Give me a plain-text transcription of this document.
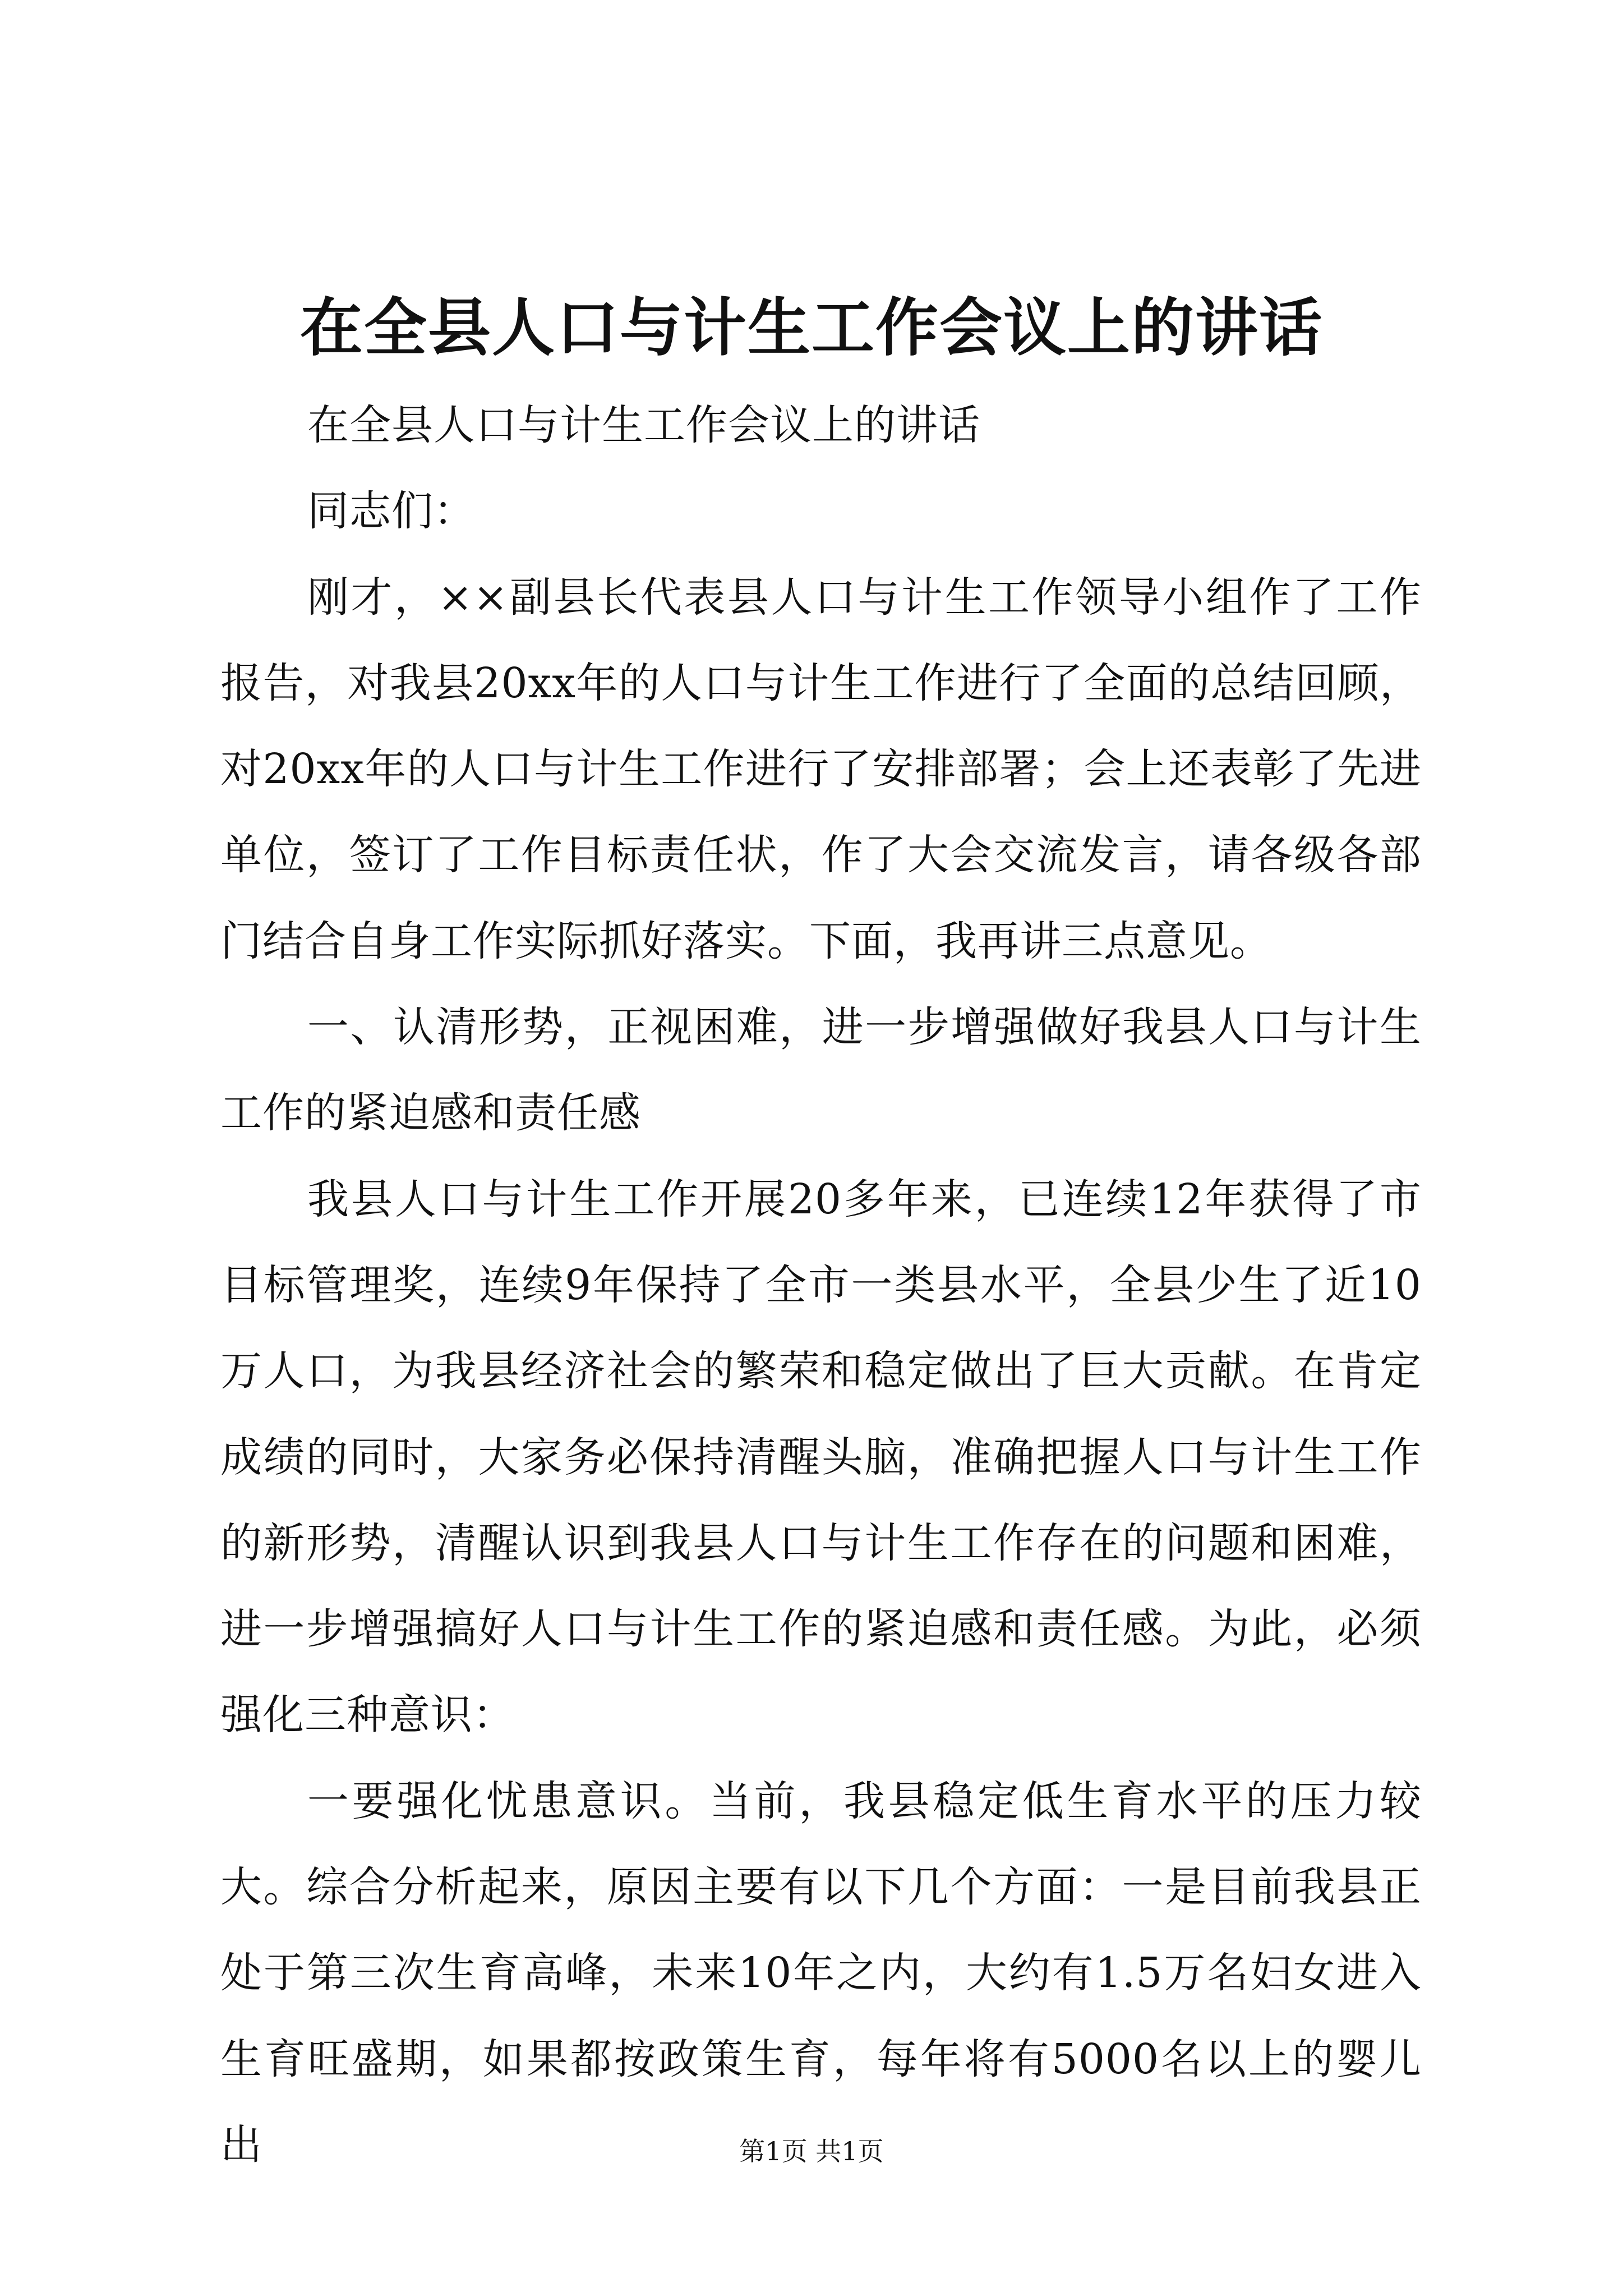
在全县人口与计生工作会议上的讲话

在全县人口与计生工作会议上的讲话

同志们：

刚才，××副县长代表县人口与计生工作领导小组作了工作报告，对我县20xx年的人口与计生工作进行了全面的总结回顾，对20xx年的人口与计生工作进行了安排部署；会上还表彰了先进单位，签订了工作目标责任状，作了大会交流发言，请各级各部门结合自身工作实际抓好落实。下面，我再讲三点意见。

一、认清形势，正视困难，进一步增强做好我县人口与计生工作的紧迫感和责任感

我县人口与计生工作开展20多年来，已连续12年获得了市目标管理奖，连续9年保持了全市一类县水平，全县少生了近10万人口，为我县经济社会的繁荣和稳定做出了巨大贡献。在肯定成绩的同时，大家务必保持清醒头脑，准确把握人口与计生工作的新形势，清醒认识到我县人口与计生工作存在的问题和困难，进一步增强搞好人口与计生工作的紧迫感和责任感。为此，必须强化三种意识：

一要强化忧患意识。当前，我县稳定低生育水平的压力较大。综合分析起来，原因主要有以下几个方面：一是目前我县正处于第三次生育高峰，未来10年之内，大约有1.5万名妇女进入生育旺盛期，如果都按政策生育，每年将有5000名以上的婴儿出	第1页 共1页
